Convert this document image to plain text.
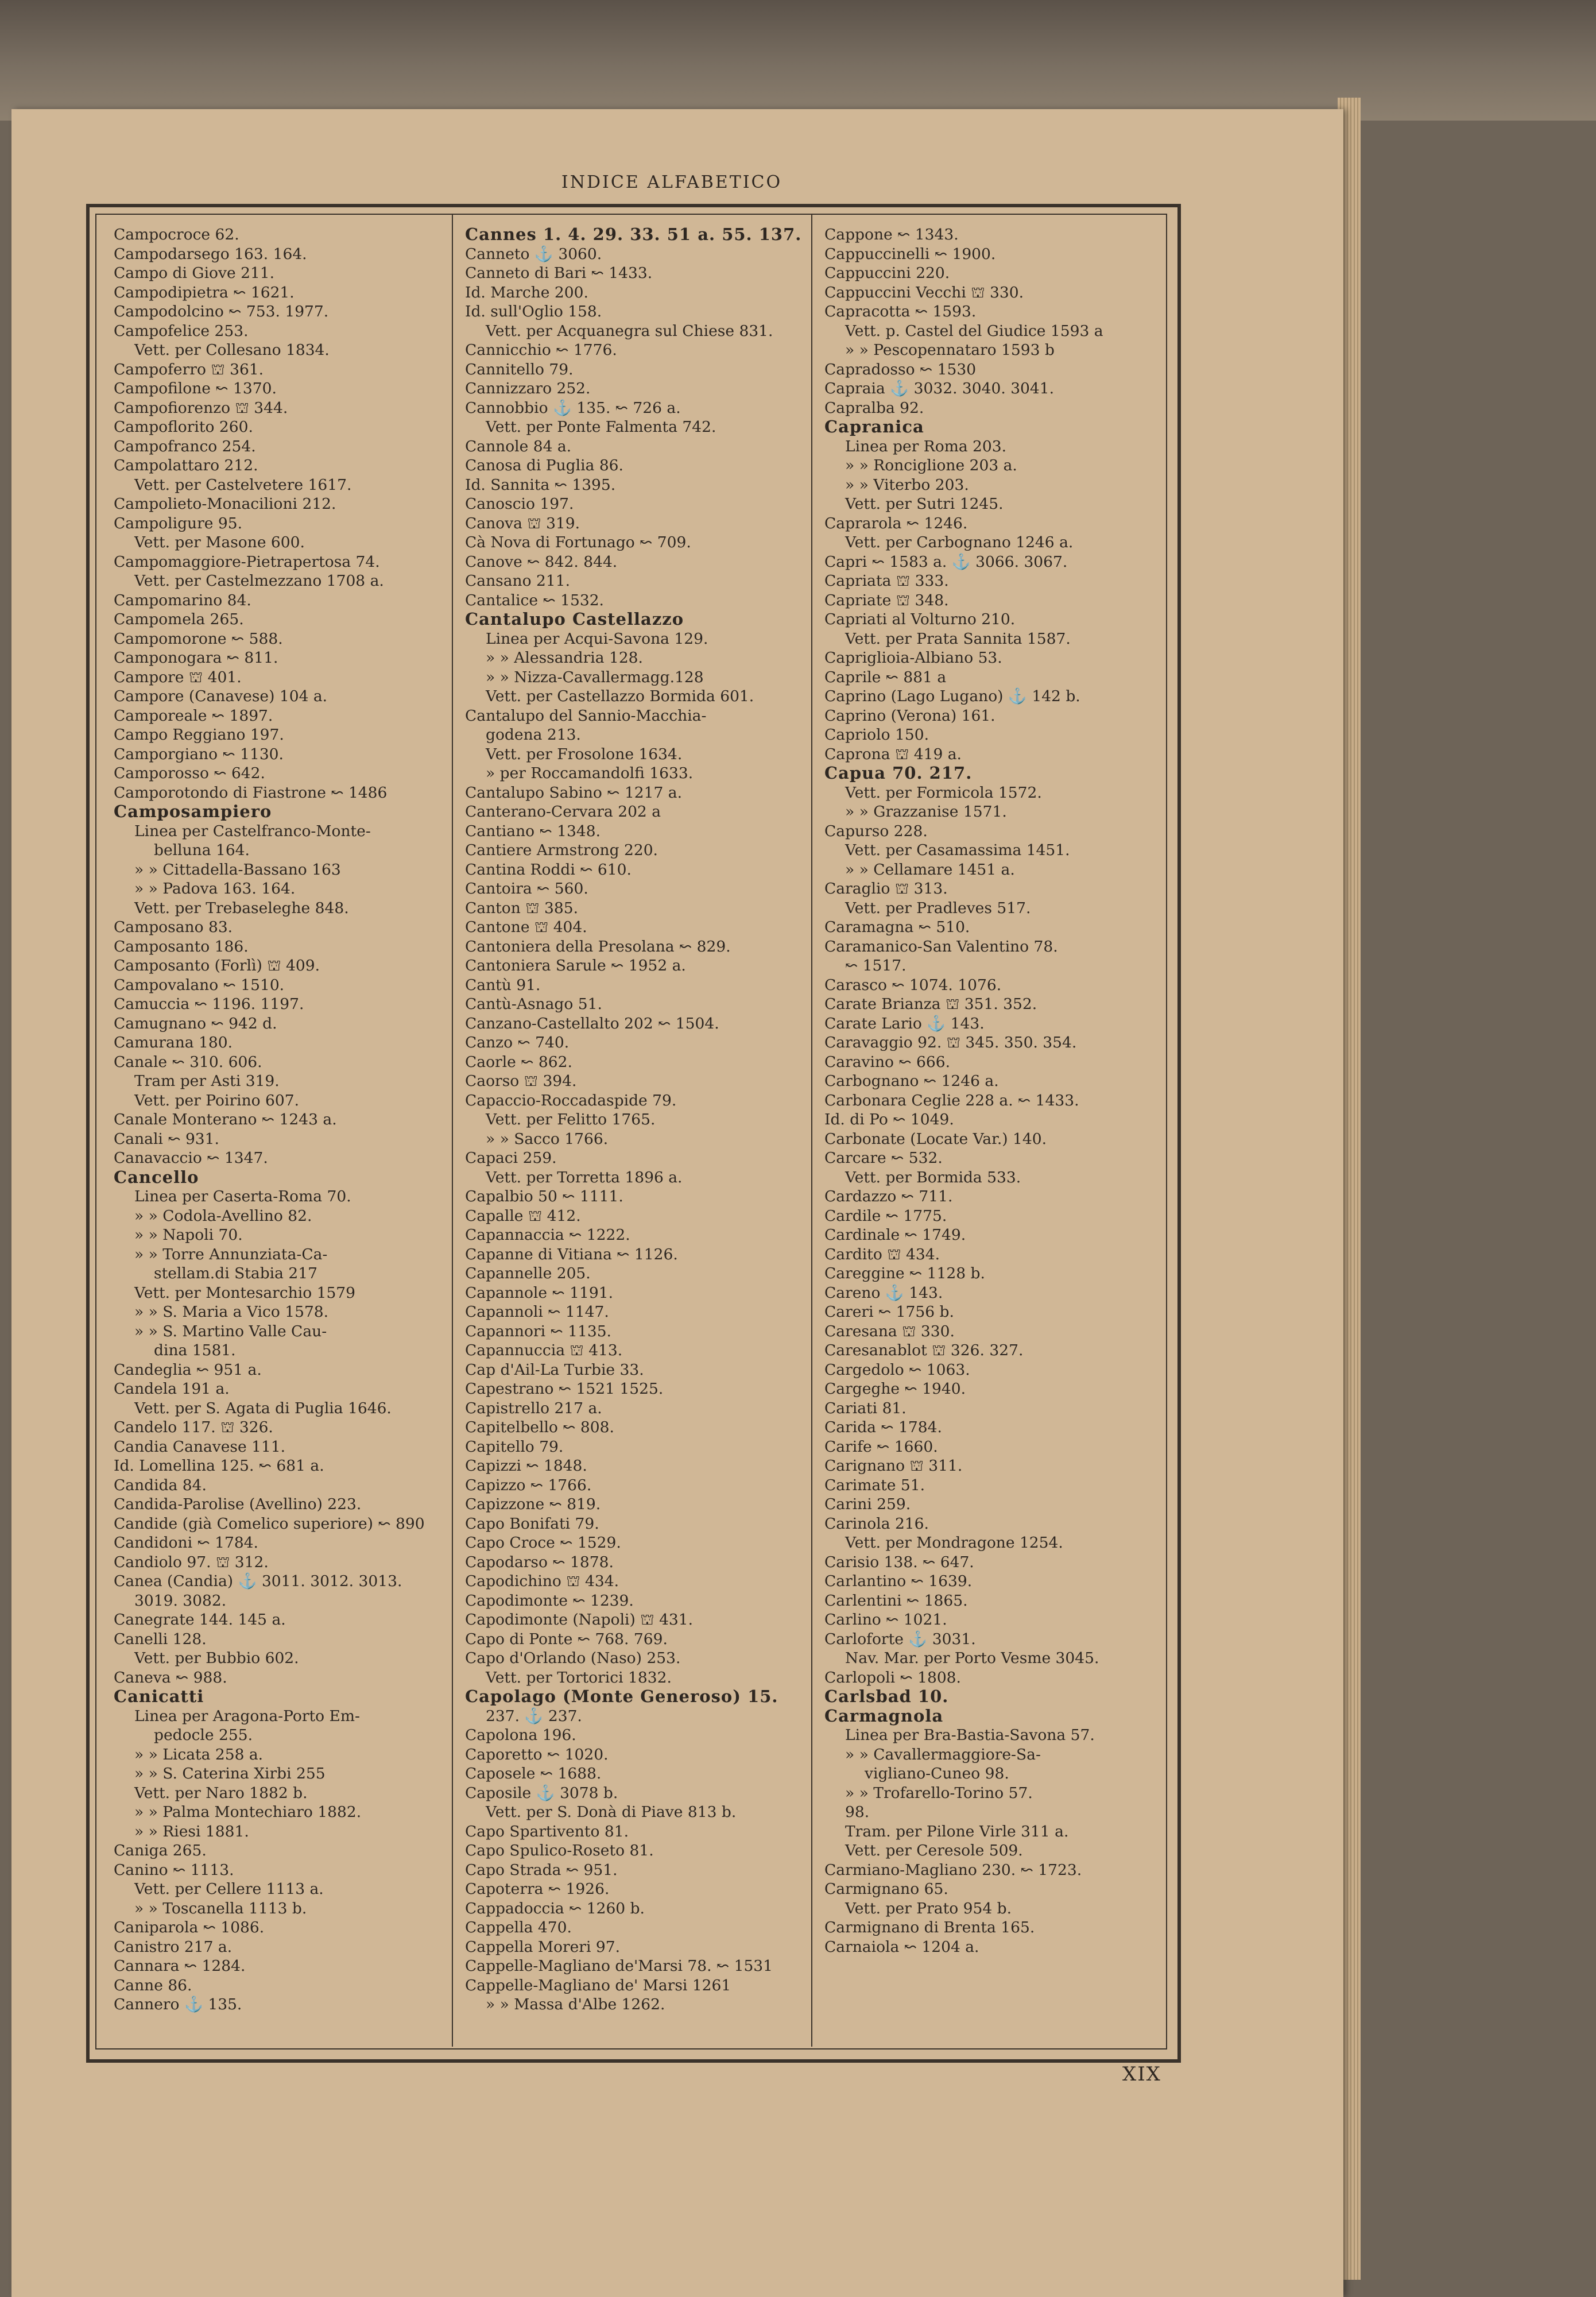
INDICE ALFABETICO
Campocroce 62.
Campodarsego 163. 164.
Campo di Giove 211.
Campodipietra ↜ 1621.
Campodolcino ↜ 753. 1977.
Campofelice 253.
Vett. per Collesano 1834.
Campoferro ⛫ 361.
Campofilone ↜ 1370.
Campofiorenzo ⛫ 344.
Campoflorito 260.
Campofranco 254.
Campolattaro 212.
Vett. per Castelvetere 1617.
Campolieto-Monacilioni 212.
Campoligure 95.
Vett. per Masone 600.
Campomaggiore-Pietrapertosa 74.
Vett. per Castelmezzano 1708 a.
Campomarino 84.
Campomela 265.
Campomorone ↜ 588.
Camponogara ↜ 811.
Campore ⛫ 401.
Campore (Canavese) 104 a.
Camporeale ↜ 1897.
Campo Reggiano 197.
Camporgiano ↜ 1130.
Camporosso ↜ 642.
Camporotondo di Fiastrone ↜ 1486
Camposampiero
Linea per Castelfranco-Monte-
bellunа 164.
» » Cittadella-Bassano 163
» » Padova 163. 164.
Vett. per Trebaseleghe 848.
Camposano 83.
Camposanto 186.
Camposanto (Forlì) ⛫ 409.
Campovalano ↜ 1510.
Camuccia ↜ 1196. 1197.
Camugnano ↜ 942 d.
Camurana 180.
Canale ↜ 310. 606.
Tram per Asti 319.
Vett. per Poirino 607.
Canale Monterano ↜ 1243 a.
Canali ↜ 931.
Canavaccio ↜ 1347.
Cancello
Linea per Caserta-Roma 70.
» » Codola-Avellino 82.
» » Napoli 70.
» » Torre Annunziata-Ca-
stellam.di Stabia 217
Vett. per Montesarchio 1579
» » S. Maria a Vico 1578.
» » S. Martino Valle Cau-
dina 1581.
Candeglia ↜ 951 a.
Candela 191 a.
Vett. per S. Agata di Puglia 1646.
Candelo 117. ⛫ 326.
Candia Canavese 111.
Id. Lomellina 125. ↜ 681 a.
Candida 84.
Candida-Parolise (Avellino) 223.
Candide (già Comelico superiore) ↜ 890
Candidoni ↜ 1784.
Candiolo 97. ⛫ 312.
Canea (Candia) ⚓ 3011. 3012. 3013.
3019. 3082.
Canegrate 144. 145 a.
Canelli 128.
Vett. per Bubbio 602.
Caneva ↜ 988.
Canicatti
Linea per Aragona-Porto Em-
pedocle 255.
» » Licata 258 a.
» » S. Caterina Xirbi 255
Vett. per Naro 1882 b.
» » Palma Montechiaro 1882.
» » Riesi 1881.
Caniga 265.
Canino ↜ 1113.
Vett. per Cellere 1113 a.
» » Toscanella 1113 b.
Caniparola ↜ 1086.
Canistro 217 a.
Cannara ↜ 1284.
Canne 86.
Cannero ⚓ 135.
Cannes 1. 4. 29. 33. 51 a. 55. 137.
Canneto ⚓ 3060.
Canneto di Bari ↜ 1433.
Id. Marche 200.
Id. sull'Oglio 158.
Vett. per Acquanegra sul Chiese 831.
Cannicchio ↜ 1776.
Cannitello 79.
Cannizzaro 252.
Cannobbio ⚓ 135. ↜ 726 a.
Vett. per Ponte Falmenta 742.
Cannole 84 a.
Canosa di Puglia 86.
Id. Sannita ↜ 1395.
Canoscio 197.
Canova ⛫ 319.
Cà Nova di Fortunago ↜ 709.
Canove ↜ 842. 844.
Cansano 211.
Cantalice ↜ 1532.
Cantalupo Castellazzo
Linea per Acqui-Savona 129.
» » Alessandria 128.
» » Nizza-Cavallermagg.128
Vett. per Castellazzo Bormida 601.
Cantalupo del Sannio-Macchia-
godena 213.
Vett. per Frosolone 1634.
» per Roccamandolfi 1633.
Cantalupo Sabino ↜ 1217 a.
Canterano-Cervara 202 a
Cantiano ↜ 1348.
Cantiere Armstrong 220.
Cantina Roddi ↜ 610.
Cantoira ↜ 560.
Canton ⛫ 385.
Cantone ⛫ 404.
Cantoniera della Presolana ↜ 829.
Cantoniera Sarule ↜ 1952 a.
Cantù 91.
Cantù-Asnago 51.
Canzano-Castellalto 202 ↜ 1504.
Canzo ↜ 740.
Caorle ↜ 862.
Caorso ⛫ 394.
Capaccio-Roccadaspide 79.
Vett. per Felitto 1765.
» » Sacco 1766.
Capaci 259.
Vett. per Torretta 1896 a.
Capalbio 50 ↜ 1111.
Capalle ⛫ 412.
Capannaccia ↜ 1222.
Capanne di Vitiana ↜ 1126.
Capannelle 205.
Capannole ↜ 1191.
Capannoli ↜ 1147.
Capannori ↜ 1135.
Capannuccia ⛫ 413.
Cap d'Ail-La Turbie 33.
Capestrano ↜ 1521 1525.
Capistrello 217 a.
Capitelbello ↜ 808.
Capitello 79.
Capizzi ↜ 1848.
Capizzo ↜ 1766.
Capizzone ↜ 819.
Capo Bonifati 79.
Capo Croce ↜ 1529.
Capodarso ↜ 1878.
Capodichino ⛫ 434.
Capodimonte ↜ 1239.
Capodimonte (Napoli) ⛫ 431.
Capo di Ponte ↜ 768. 769.
Capo d'Orlando (Naso) 253.
Vett. per Tortorici 1832.
Capolago (Monte Generoso) 15.
237. ⚓ 237.
Capolona 196.
Caporetto ↜ 1020.
Caposele ↜ 1688.
Caposile ⚓ 3078 b.
Vett. per S. Donà di Piave 813 b.
Capo Spartivento 81.
Capo Spulico-Roseto 81.
Capo Strada ↜ 951.
Capoterra ↜ 1926.
Cappadoccia ↜ 1260 b.
Cappella 470.
Cappella Moreri 97.
Cappelle-Magliano de'Marsi 78. ↜ 1531
Cappelle-Magliano de' Marsi 1261
» » Massa d'Albe 1262.
Cappone ↜ 1343.
Cappuccinelli ↜ 1900.
Cappuccini 220.
Cappuccini Vecchi ⛫ 330.
Capracotta ↜ 1593.
Vett. p. Castel del Giudice 1593 a
» » Pescopennataro 1593 b
Capradosso ↜ 1530
Capraia ⚓ 3032. 3040. 3041.
Capralba 92.
Capranica
Linea per Roma 203.
» » Ronciglione 203 a.
» » Viterbo 203.
Vett. per Sutri 1245.
Caprarola ↜ 1246.
Vett. per Carbognano 1246 a.
Capri ↜ 1583 a. ⚓ 3066. 3067.
Capriata ⛫ 333.
Capriate ⛫ 348.
Capriati al Volturno 210.
Vett. per Prata Sannita 1587.
Capriglioia-Albiano 53.
Caprile ↜ 881 a
Caprino (Lago Lugano) ⚓ 142 b.
Caprino (Verona) 161.
Capriolo 150.
Caprona ⛫ 419 a.
Capua 70. 217.
Vett. per Formicola 1572.
» » Grazzanise 1571.
Capurso 228.
Vett. per Casamassima 1451.
» » Cellamare 1451 a.
Caraglio ⛫ 313.
Vett. per Pradleves 517.
Caramagna ↜ 510.
Caramanico-San Valentino 78.
↜ 1517.
Carasco ↜ 1074. 1076.
Carate Brianza ⛫ 351. 352.
Carate Lario ⚓ 143.
Caravaggio 92. ⛫ 345. 350. 354.
Caravino ↜ 666.
Carbognano ↜ 1246 a.
Carbonara Ceglie 228 a. ↜ 1433.
Id. di Po ↜ 1049.
Carbonate (Locate Var.) 140.
Carcare ↜ 532.
Vett. per Bormida 533.
Cardazzo ↜ 711.
Cardile ↜ 1775.
Cardinale ↜ 1749.
Cardito ⛫ 434.
Careggine ↜ 1128 b.
Careno ⚓ 143.
Careri ↜ 1756 b.
Caresana ⛫ 330.
Caresanablot ⛫ 326. 327.
Cargedolo ↜ 1063.
Cargeghe ↜ 1940.
Cariati 81.
Carida ↜ 1784.
Carife ↜ 1660.
Carignano ⛫ 311.
Carimate 51.
Carini 259.
Carinola 216.
Vett. per Mondragone 1254.
Carisio 138. ↜ 647.
Carlantino ↜ 1639.
Carlentini ↜ 1865.
Carlino ↜ 1021.
Carloforte ⚓ 3031.
Nav. Mar. per Porto Vesme 3045.
Carlopoli ↜ 1808.
Carlsbad 10.
Carmagnola
Linea per Bra-Bastia-Savona 57.
» » Cavallermaggiore-Sa-
vigliano-Cuneo 98.
» » Trofarello-Torino 57.
98.
Tram. per Pilone Virle 311 a.
Vett. per Ceresole 509.
Carmiano-Magliano 230. ↜ 1723.
Carmignano 65.
Vett. per Prato 954 b.
Carmignano di Brenta 165.
Carnaiola ↜ 1204 a.
XIX
